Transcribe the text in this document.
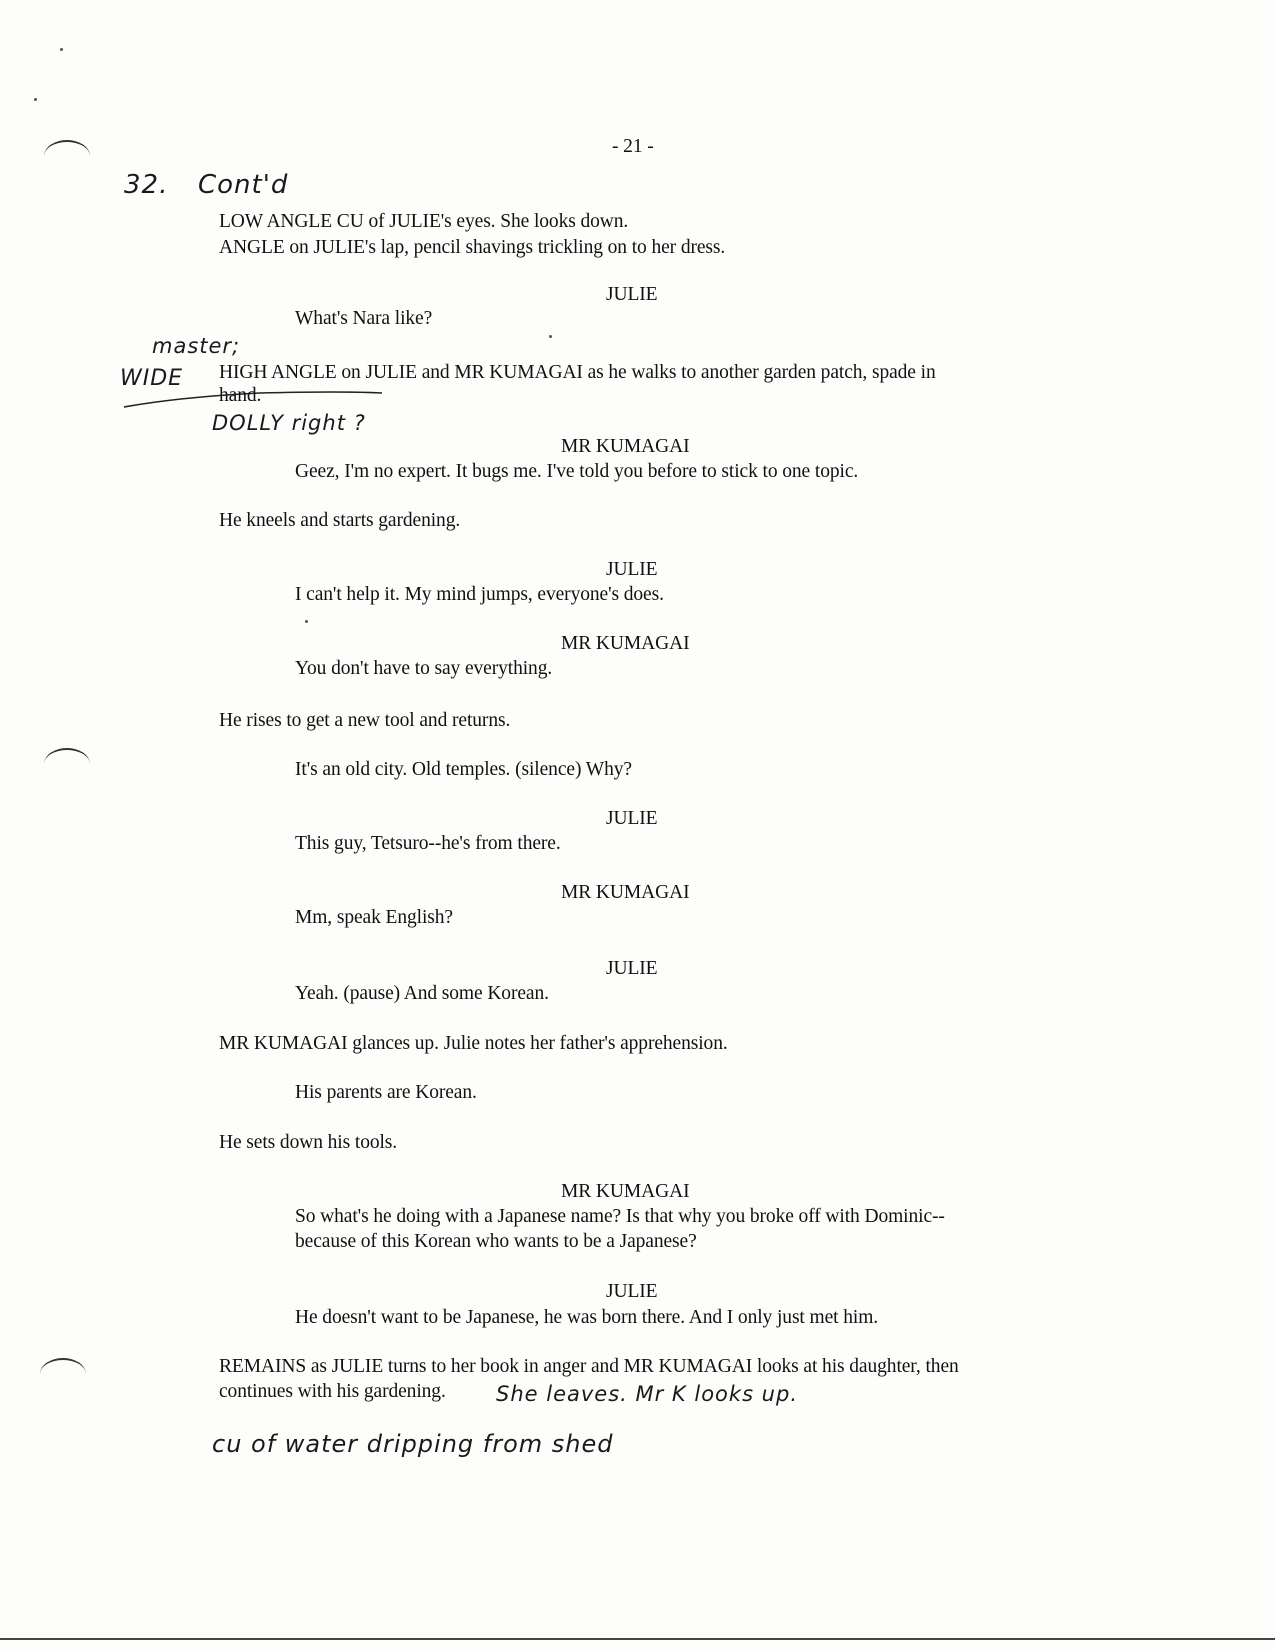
- 21 -
32. Cont'd
LOW ANGLE CU of JULIE's eyes. She looks down.
ANGLE on JULIE's lap, pencil shavings trickling on to her dress.
JULIE
What's Nara like?
master;
WIDE HIGH ANGLE on JULIE and MR KUMAGAI as he walks to another garden patch, spade in
hand.
DOLLY right ?
MR KUMAGAI
Geez, I'm no expert. It bugs me. I've told you before to stick to one topic.
He kneels and starts gardening.
JULIE
I can't help it. My mind jumps, everyone's does.
MR KUMAGAI
You don't have to say everything.
He rises to get a new tool and returns.
It's an old city. Old temples. (silence) Why?
JULIE
This guy, Tetsuro--he's from there.
MR KUMAGAI
Mm, speak English?
JULIE
Yeah. (pause) And some Korean.
MR KUMAGAI glances up. Julie notes her father's apprehension.
His parents are Korean.
He sets down his tools.
MR KUMAGAI
So what's he doing with a Japanese name? Is that why you broke off with Dominic--
because of this Korean who wants to be a Japanese?
JULIE
He doesn't want to be Japanese, he was born there. And I only just met him.
REMAINS as JULIE turns to her book in anger and MR KUMAGAI looks at his daughter, then
continues with his gardening. She leaves. Mr K looks up.
cu of water dripping from shed
